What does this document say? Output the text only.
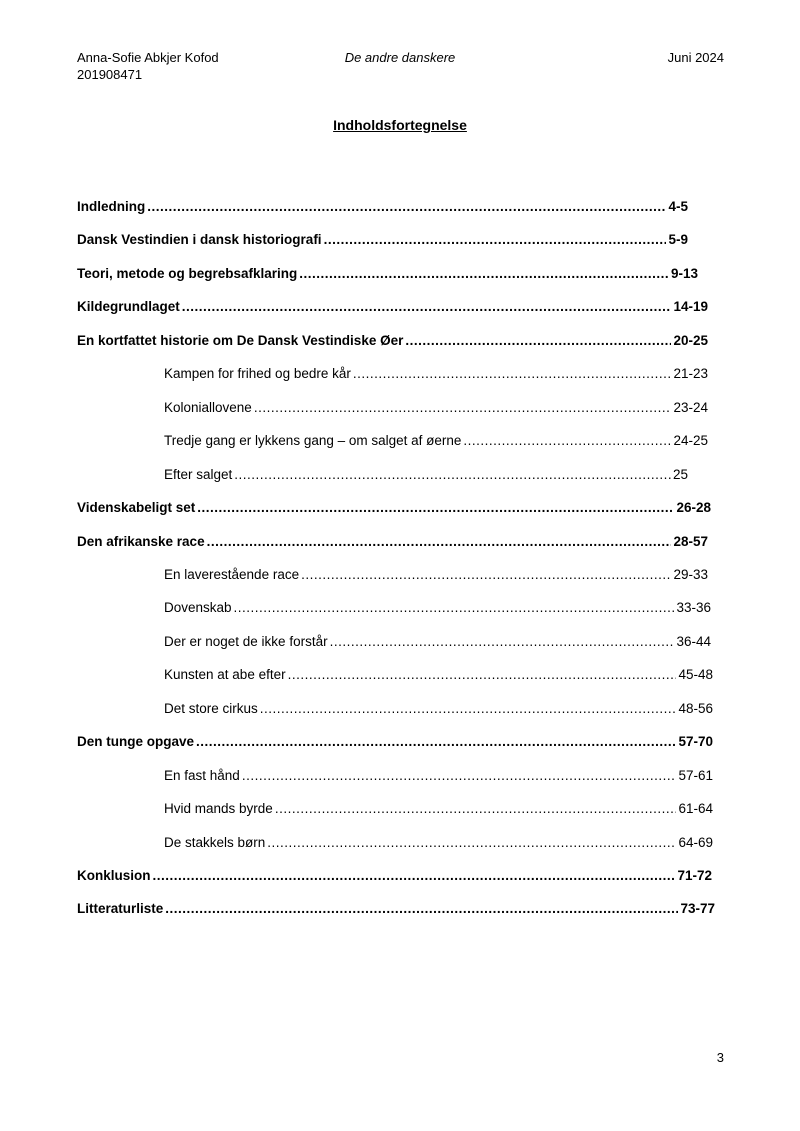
Anna-Sofie Abkjer Kofod
201908471
De andre danskere	Juni 2024
Indholdsfortegnelse
Indledning .....	4-5
Dansk Vestindien i dansk historiografi .....	5-9
Teori, metode og begrebsafklaring .....	9-13
Kildegrundlaget .....	14-19
En kortfattet historie om De Dansk Vestindiske Øer .....	20-25
Kampen for frihed og bedre kår .....	21-23
Koloniallovene .....	23-24
Tredje gang er lykkens gang – om salget af øerne .....	24-25
Efter salget .....	25
Videnskabeligt set .....	26-28
Den afrikanske race .....	28-57
En laverestående race .....	29-33
Dovenskab .....	33-36
Der er noget de ikke forstår .....	36-44
Kunsten at abe efter .....	45-48
Det store cirkus .....	48-56
Den tunge opgave .....	57-70
En fast hånd .....	57-61
Hvid mands byrde .....	61-64
De stakkels børn .....	64-69
Konklusion .....	71-72
Litteraturliste .....	73-77
3
